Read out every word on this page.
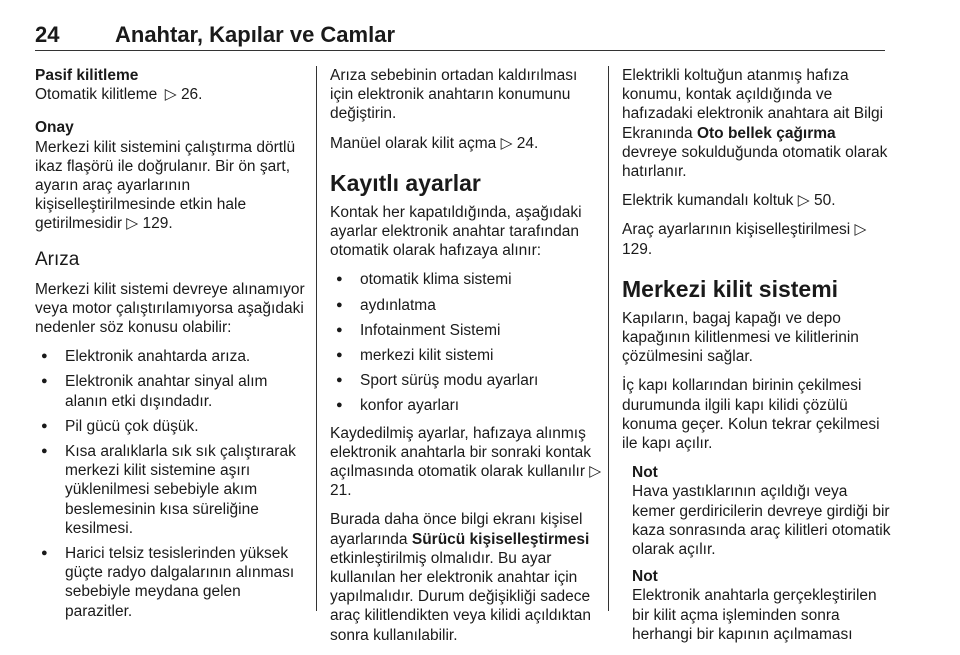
24	Anahtar, Kapılar ve Camlar
Pasif kilitleme

Otomatik kilitleme  ▷ 26.

Onay

Merkezi kilit sistemini çalıştırma dörtlü ikaz flaşörü ile doğrulanır. Bir ön şart, ayarın araç ayarlarının kişiselleştirilmesinde etkin hale getirilmesidir ▷ 129.

Arıza

Merkezi kilit sistemi devreye alınamıyor veya motor çalıştırılamıyorsa aşağıdaki nedenler söz konusu olabilir:

● Elektronik anahtarda arıza.
● Elektronik anahtar sinyal alım alanın etki dışındadır.
● Pil gücü çok düşük.
● Kısa aralıklarla sık sık çalıştırarak merkezi kilit sistemine aşırı yüklenilmesi sebebiyle akım beslemesinin kısa süreliğine kesilmesi.
● Harici telsiz tesislerinden yüksek güçte radyo dalgalarının alınması sebebiyle meydana gelen parazitler.

Arıza sebebinin ortadan kaldırılması için elektronik anahtarın konumunu değiştirin.

Manüel olarak kilit açma ▷ 24.

Kayıtlı ayarlar

Kontak her kapatıldığında, aşağıdaki ayarlar elektronik anahtar tarafından otomatik olarak hafızaya alınır:

● otomatik klima sistemi
● aydınlatma
● Infotainment Sistemi
● merkezi kilit sistemi
● Sport sürüş modu ayarları
● konfor ayarları

Kaydedilmiş ayarlar, hafızaya alınmış elektronik anahtarla bir sonraki kontak açılmasında otomatik olarak kullanılır ▷ 21.

Burada daha önce bilgi ekranı kişisel ayarlarında Sürücü kişiselleştirmesi etkinleştirilmiş olmalıdır. Bu ayar kullanılan her elektronik anahtar için yapılmalıdır. Durum değişikliği sadece araç kilitlendikten veya kilidi açıldıktan sonra kullanılabilir.

Elektrikli koltuğun atanmış hafıza konumu, kontak açıldığında ve hafızadaki elektronik anahtara ait Bilgi Ekranında Oto bellek çağırma devreye sokulduğunda otomatik olarak hatırlanır.

Elektrik kumandalı koltuk ▷ 50.

Araç ayarlarının kişiselleştirilmesi ▷ 129.

Merkezi kilit sistemi

Kapıların, bagaj kapağı ve depo kapağının kilitlenmesi ve kilitlerinin çözülmesini sağlar.

İç kapı kollarından birinin çekilmesi durumunda ilgili kapı kilidi çözülü konuma geçer. Kolun tekrar çekilmesi ile kapı açılır.

Not

Hava yastıklarının açıldığı veya kemer gerdiricilerin devreye girdiği bir kaza sonrasında araç kilitleri otomatik olarak açılır.

Not

Elektronik anahtarla gerçekleştirilen bir kilit açma işleminden sonra herhangi bir kapının açılmaması
